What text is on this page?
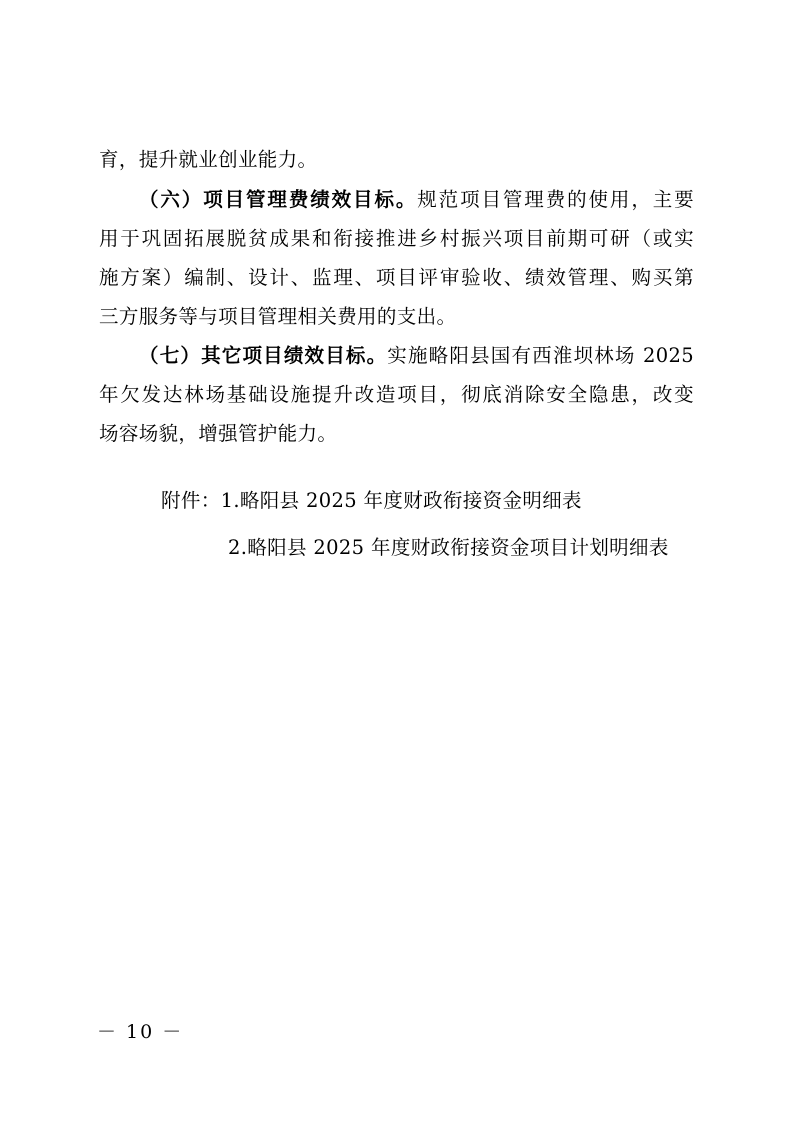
育，提升就业创业能力。
（六）项目管理费绩效目标。规范项目管理费的使用，主要
用于巩固拓展脱贫成果和衔接推进乡村振兴项目前期可研（或实
施方案）编制、设计、监理、项目评审验收、绩效管理、购买第
三方服务等与项目管理相关费用的支出。
（七）其它项目绩效目标。实施略阳县国有西淮坝林场 2025
年欠发达林场基础设施提升改造项目，彻底消除安全隐患，改变
场容场貌，增强管护能力。
附件：1.略阳县 2025 年度财政衔接资金明细表
2.略阳县 2025 年度财政衔接资金项目计划明细表
－ 10 －
